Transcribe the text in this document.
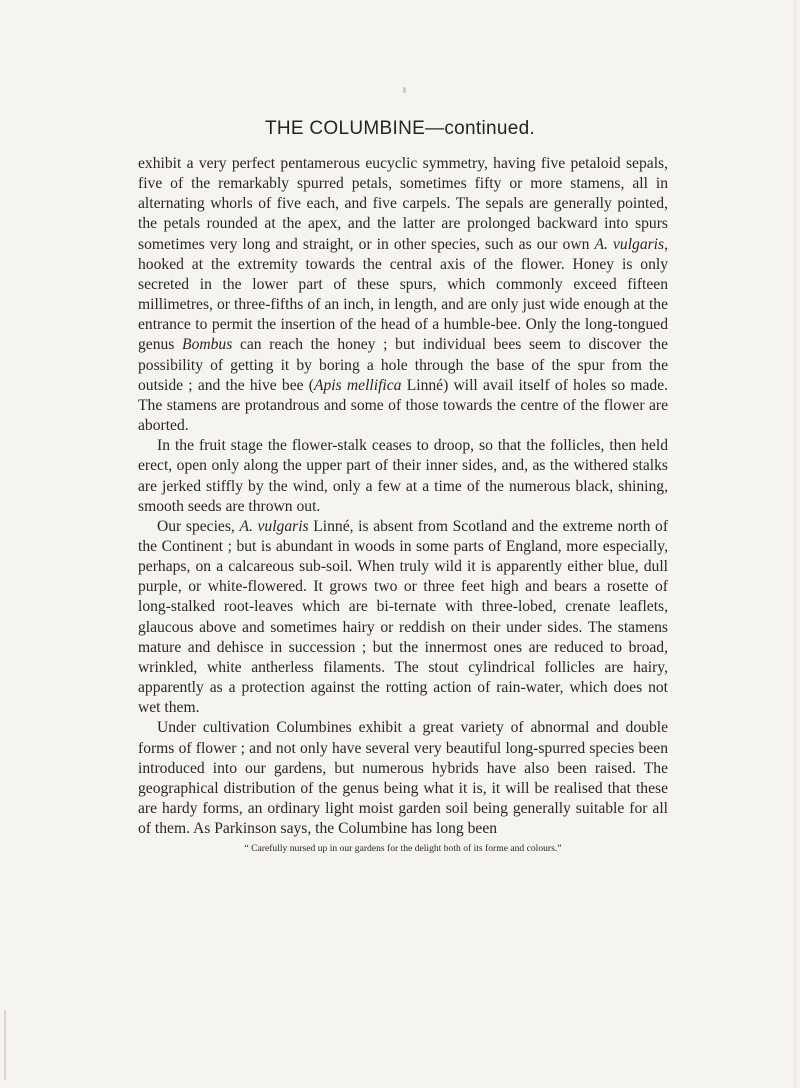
THE COLUMBINE—continued.

exhibit a very perfect pentamerous eucyclic symmetry, having five petaloid sepals, five of the remarkably spurred petals, sometimes fifty or more stamens, all in alternating whorls of five each, and five carpels. The sepals are generally pointed, the petals rounded at the apex, and the latter are prolonged backward into spurs sometimes very long and straight, or in other species, such as our own A. vulgaris, hooked at the extremity towards the central axis of the flower. Honey is only secreted in the lower part of these spurs, which commonly exceed fifteen millimetres, or three-fifths of an inch, in length, and are only just wide enough at the entrance to permit the insertion of the head of a humble-bee. Only the long-tongued genus Bombus can reach the honey ; but individual bees seem to discover the possibility of getting it by boring a hole through the base of the spur from the outside ; and the hive bee (Apis mellifica Linné) will avail itself of holes so made. The stamens are protandrous and some of those towards the centre of the flower are aborted.

In the fruit stage the flower-stalk ceases to droop, so that the follicles, then held erect, open only along the upper part of their inner sides, and, as the withered stalks are jerked stiffly by the wind, only a few at a time of the numerous black, shining, smooth seeds are thrown out.

Our species, A. vulgaris Linné, is absent from Scotland and the extreme north of the Continent ; but is abundant in woods in some parts of England, more especially, perhaps, on a calcareous sub-soil. When truly wild it is apparently either blue, dull purple, or white-flowered. It grows two or three feet high and bears a rosette of long-stalked root-leaves which are bi-ternate with three-lobed, crenate leaflets, glaucous above and sometimes hairy or reddish on their under sides. The stamens mature and dehisce in succession ; but the innermost ones are reduced to broad, wrinkled, white antherless filaments. The stout cylindrical follicles are hairy, apparently as a protection against the rotting action of rain-water, which does not wet them.

Under cultivation Columbines exhibit a great variety of abnormal and double forms of flower ; and not only have several very beautiful long-spurred species been introduced into our gardens, but numerous hybrids have also been raised. The geographical distribution of the genus being what it is, it will be realised that these are hardy forms, an ordinary light moist garden soil being generally suitable for all of them. As Parkinson says, the Columbine has long been

“ Carefully nursed up in our gardens for the delight both of its forme and colours.”
